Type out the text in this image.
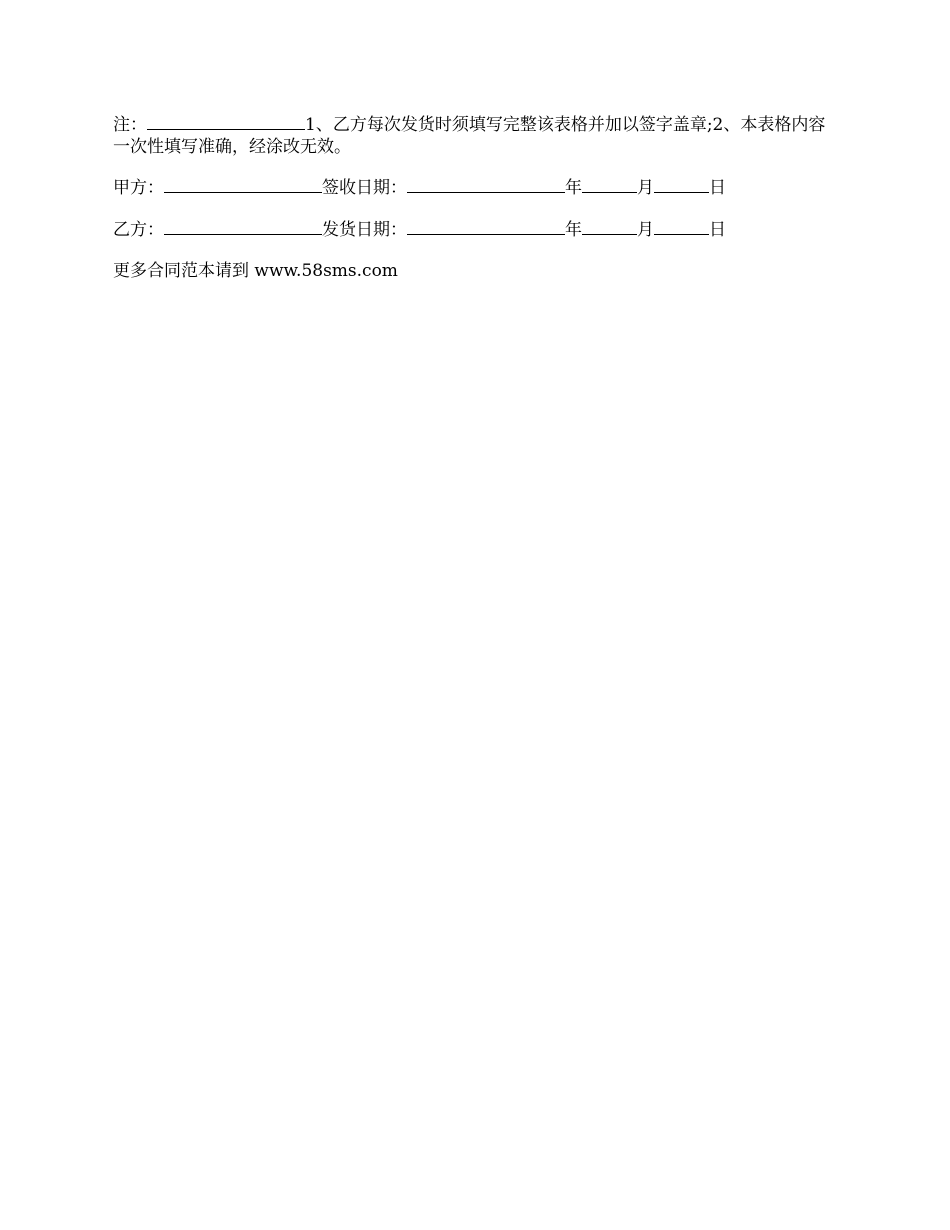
注：	1、乙方每次发货时须填写完整该表格并加以签字盖章;2、本表格内容一次性填写准确，经涂改无效。

甲方：	签收日期：	年	月	日
乙方：	发货日期：	年	月	日
更多合同范本请到 www.58sms.com
